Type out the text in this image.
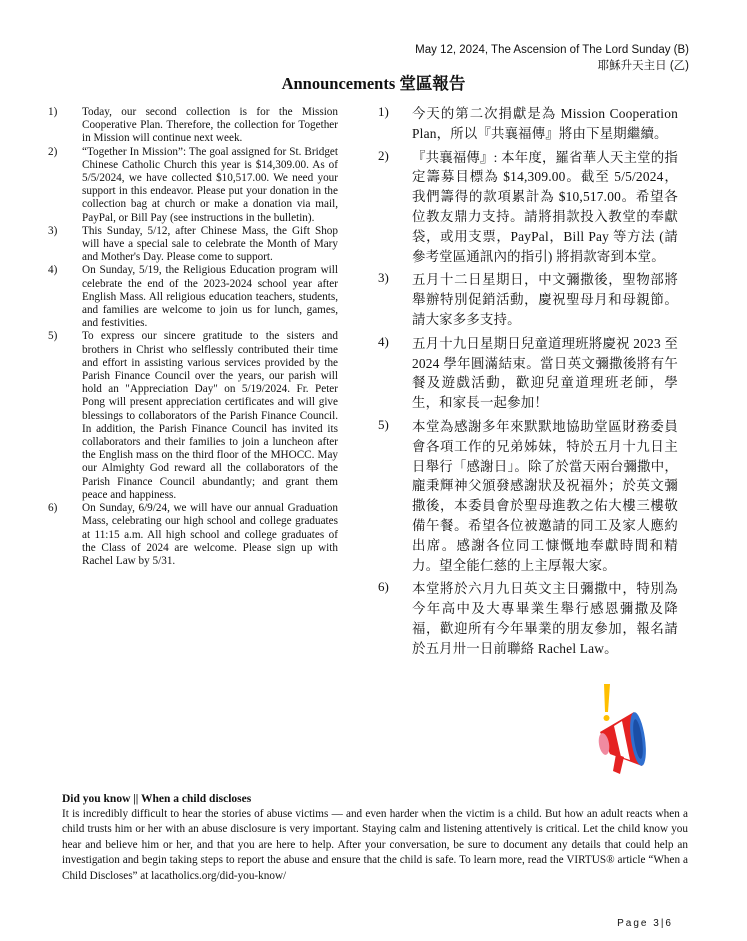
May 12, 2024, The Ascension of The Lord Sunday (B)
耶穌升天主日 (乙)
Announcements 堂區報告
1)	Today, our second collection is for the Mission Cooperative Plan. Therefore, the collection for Together in Mission will continue next week.
2)	“Together In Mission”: The goal assigned for St. Bridget Chinese Catholic Church this year is $14,309.00. As of 5/5/2024, we have collected $10,517.00. We need your support in this endeavor. Please put your donation in the collection bag at church or make a donation via mail, PayPal, or Bill Pay (see instructions in the bulletin).
3)	This Sunday, 5/12, after Chinese Mass, the Gift Shop will have a special sale to celebrate the Month of Mary and Mother's Day. Please come to support.
4)	On Sunday, 5/19, the Religious Education program will celebrate the end of the 2023-2024 school year after English Mass. All religious education teachers, students, and families are welcome to join us for lunch, games, and festivities.
5)	To express our sincere gratitude to the sisters and brothers in Christ who selflessly contributed their time and effort in assisting various services provided by the Parish Finance Council over the years, our parish will hold an "Appreciation Day" on 5/19/2024. Fr. Peter Pong will present appreciation certificates and will give blessings to collaborators of the Parish Finance Council. In addition, the Parish Finance Council has invited its collaborators and their families to join a luncheon after the English mass on the third floor of the MHOCC. May our Almighty God reward all the collaborators of the Parish Finance Council abundantly; and grant them peace and happiness.
6)	On Sunday, 6/9/24, we will have our annual Graduation Mass, celebrating our high school and college graduates at 11:15 a.m. All high school and college graduates of the Class of 2024 are welcome. Please sign up with Rachel Law by 5/31.
1)	今天的第二次捐獻是為 Mission Cooperation Plan，所以『共襄福傳』將由下星期繼續。
2)	『共襄福傳』: 本年度，羅省華人天主堂的指定籌募目標為 $14,309.00。截至 5/5/2024，我們籌得的款項累計為 $10,517.00。希望各位教友鼎力支持。請將捐款投入教堂的奉獻袋，或用支票，PayPal，Bill Pay 等方法 (請參考堂區通訊內的指引) 將捐款寄到本堂。
3)	五月十二日星期日，中文彌撒後，聖物部將舉辦特別促銷活動，慶祝聖母月和母親節。請大家多多支持。
4)	五月十九日星期日兒童道理班將慶祝 2023 至 2024 學年圓滿結束。當日英文彌撒後將有午餐及遊戲活動，歡迎兒童道理班老師，學生，和家長一起參加！
5)	本堂為感謝多年來默默地協助堂區財務委員會各項工作的兄弟姊妹，特於五月十九日主日舉行「感謝日」。除了於當天兩台彌撒中，龐秉輝神父頒發感謝狀及祝福外；於英文彌撒後，本委員會於聖母進教之佑大樓三樓敬備午餐。希望各位被邀請的同工及家人應約出席。感謝各位同工慷慨地奉獻時間和精力。望全能仁慈的上主厚報大家。
6)	本堂將於六月九日英文主日彌撒中，特別為今年高中及大專畢業生舉行感恩彌撒及降福，歡迎所有今年畢業的朋友參加，報名請於五月卅一日前聯絡 Rachel Law。
Did you know || When a child discloses
It is incredibly difficult to hear the stories of abuse victims — and even harder when the victim is a child. But how an adult reacts when a child trusts him or her with an abuse disclosure is very important. Staying calm and listening attentively is critical. Let the child know you hear and believe him or her, and that you are here to help. After your conversation, be sure to document any details that could help an investigation and begin taking steps to report the abuse and ensure that the child is safe. To learn more, read the VIRTUS® article “When a Child Discloses” at lacatholics.org/did-you-know/
Page 3|6
